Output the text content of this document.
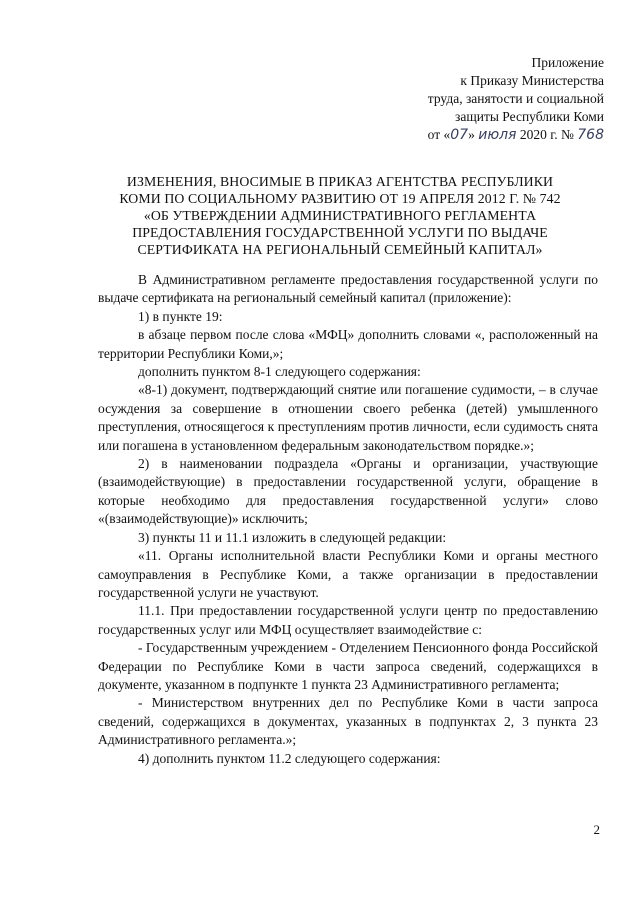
Приложение
к Приказу Министерства
труда, занятости и социальной
защиты Республики Коми
от «07» июля 2020 г. № 768
ИЗМЕНЕНИЯ, ВНОСИМЫЕ В ПРИКАЗ АГЕНТСТВА РЕСПУБЛИКИ
КОМИ ПО СОЦИАЛЬНОМУ РАЗВИТИЮ ОТ 19 АПРЕЛЯ 2012 Г. № 742
«ОБ УТВЕРЖДЕНИИ АДМИНИСТРАТИВНОГО РЕГЛАМЕНТА
ПРЕДОСТАВЛЕНИЯ ГОСУДАРСТВЕННОЙ УСЛУГИ ПО ВЫДАЧЕ
СЕРТИФИКАТА НА РЕГИОНАЛЬНЫЙ СЕМЕЙНЫЙ КАПИТАЛ»
В Административном регламенте предоставления государственной услуги по выдаче сертификата на региональный семейный капитал (приложение):
1) в пункте 19:
в абзаце первом после слова «МФЦ» дополнить словами «, расположенный на территории Республики Коми,»;
дополнить пунктом 8-1 следующего содержания:
«8-1) документ, подтверждающий снятие или погашение судимости, – в случае осуждения за совершение в отношении своего ребенка (детей) умышленного преступления, относящегося к преступлениям против личности, если судимость снята или погашена в установленном федеральным законодательством порядке.»;
2) в наименовании подраздела «Органы и организации, участвующие (взаимодействующие) в предоставлении государственной услуги, обращение в которые необходимо для предоставления государственной услуги» слово «(взаимодействующие)» исключить;
3) пункты 11 и 11.1 изложить в следующей редакции:
«11. Органы исполнительной власти Республики Коми и органы местного самоуправления в Республике Коми, а также организации в предоставлении государственной услуги не участвуют.
11.1. При предоставлении государственной услуги центр по предоставлению государственных услуг или МФЦ осуществляет взаимодействие с:
- Государственным учреждением - Отделением Пенсионного фонда Российской Федерации по Республике Коми в части запроса сведений, содержащихся в документе, указанном в подпункте 1 пункта 23 Административного регламента;
- Министерством внутренних дел по Республике Коми в части запроса сведений, содержащихся в документах, указанных в подпунктах 2, 3 пункта 23 Административного регламента.»;
4) дополнить пунктом 11.2 следующего содержания:
2
